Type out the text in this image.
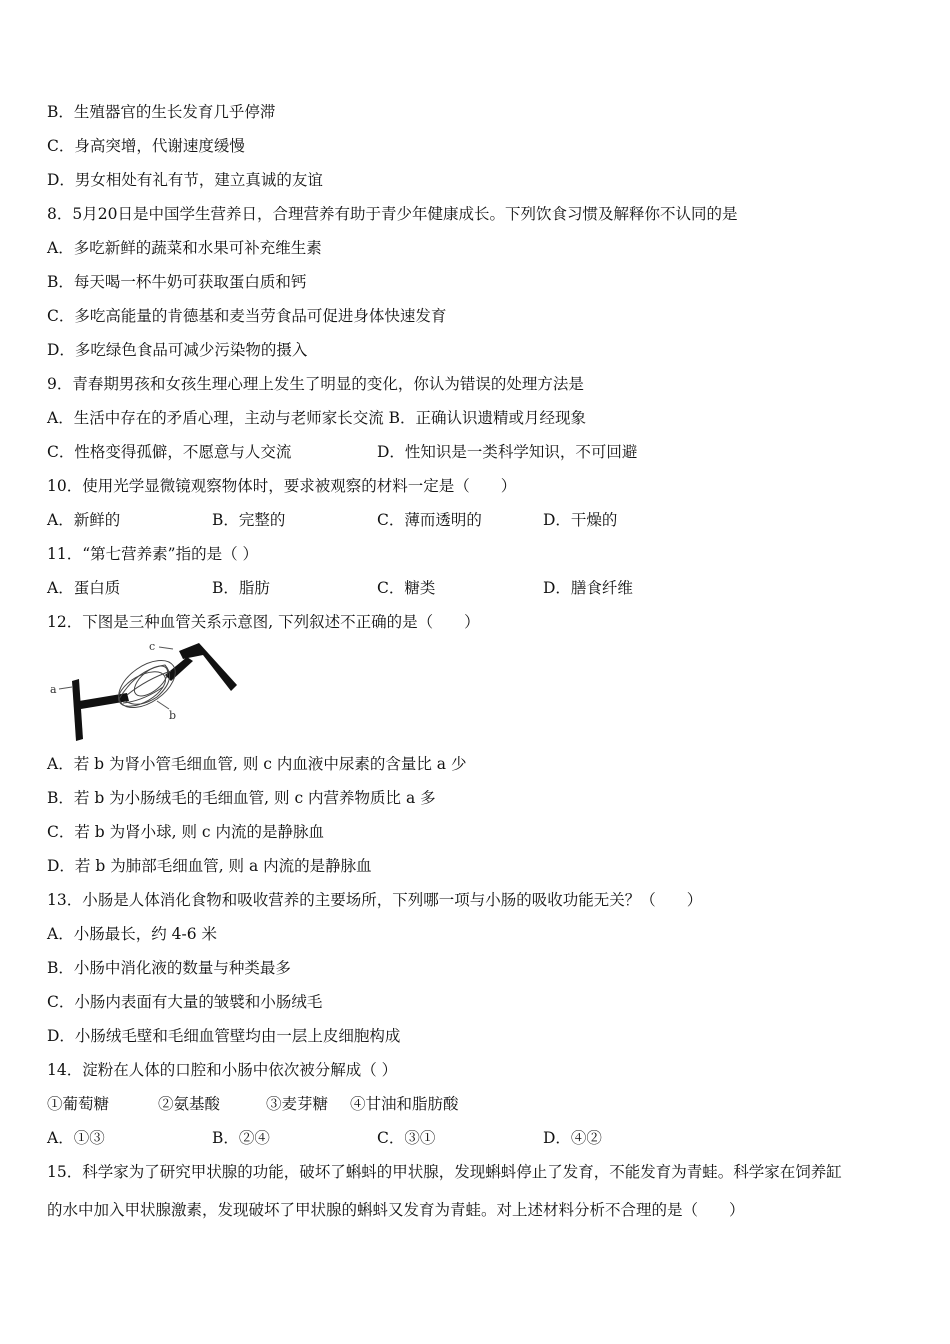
B．生殖器官的生长发育几乎停滞
C．身高突增，代谢速度缓慢
D．男女相处有礼有节，建立真诚的友谊
8．5月20日是中国学生营养日，合理营养有助于青少年健康成长。下列饮食习惯及解释你不认同的是
A．多吃新鲜的蔬菜和水果可补充维生素
B．每天喝一杯牛奶可获取蛋白质和钙
C．多吃高能量的肯德基和麦当劳食品可促进身体快速发育
D．多吃绿色食品可减少污染物的摄入
9．青春期男孩和女孩生理心理上发生了明显的变化，你认为错误的处理方法是
A．生活中存在的矛盾心理，主动与老师家长交流 B．正确认识遗精或月经现象
C．性格变得孤僻，不愿意与人交流	D．性知识是一类科学知识，不可回避
10．使用光学显微镜观察物体时，要求被观察的材料一定是（　　）
A．新鲜的	B．完整的	C．薄而透明的	D．干燥的
11．“第七营养素”指的是（ ）
A．蛋白质	B．脂肪	C．糖类	D．膳食纤维
12．下图是三种血管关系示意图, 下列叙述不正确的是（　　）
c
a
b
A．若 b 为肾小管毛细血管, 则 c 内血液中尿素的含量比 a 少
B．若 b 为小肠绒毛的毛细血管, 则 c 内营养物质比 a 多
C．若 b 为肾小球, 则 c 内流的是静脉血
D．若 b 为肺部毛细血管, 则 a 内流的是静脉血
13．小肠是人体消化食物和吸收营养的主要场所，下列哪一项与小肠的吸收功能无关？（　　）
A．小肠最长，约 4-6 米
B．小肠中消化液的数量与种类最多
C．小肠内表面有大量的皱襞和小肠绒毛
D．小肠绒毛壁和毛细血管壁均由一层上皮细胞构成
14．淀粉在人体的口腔和小肠中依次被分解成（ ）
①葡萄糖	②氨基酸	③麦芽糖 ④甘油和脂肪酸
A．①③	B．②④	C．③①	D．④②
15．科学家为了研究甲状腺的功能，破坏了蝌蚪的甲状腺，发现蝌蚪停止了发育，不能发育为青蛙。科学家在饲养缸
的水中加入甲状腺激素，发现破坏了甲状腺的蝌蚪又发育为青蛙。对上述材料分析不合理的是（　　）
